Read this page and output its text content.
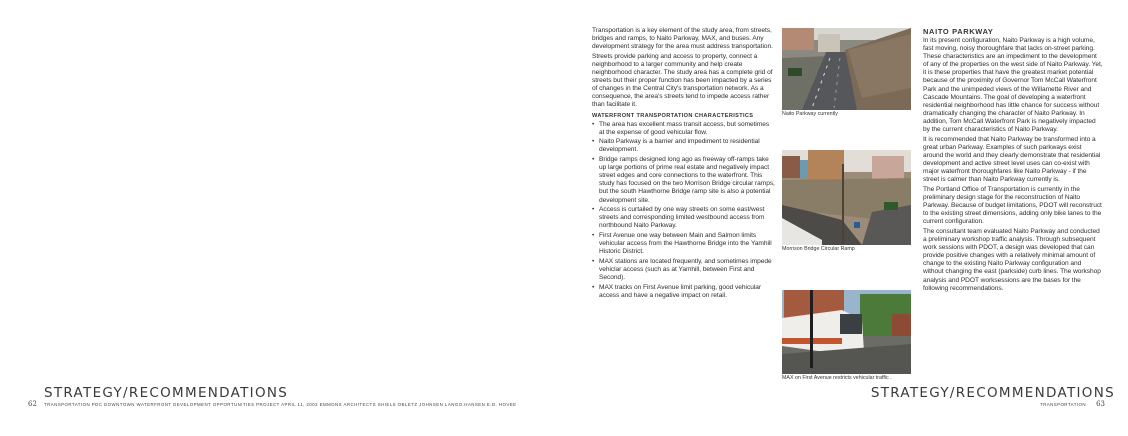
STRATEGY/RECOMMENDATIONS
62 TRANSPORTATION PDC DOWNTOWN WATERFRONT DEVELOPMENT OPPORTUNITIES PROJECT APRIL 11, 2003 EMMONS ARCHITECTS SHIELS OBLETZ JOHNSEN LANGO.HANSEN E.D. HOVEE

Transportation is a key element of the study area, from streets, bridges and ramps, to Naito Parkway, MAX, and buses. Any development strategy for the area must address transportation.

Streets provide parking and access to property, connect a neighborhood to a larger community and help create neighborhood character. The study area has a complete grid of streets but their proper function has been impacted by a series of changes in the Central City's transportation network. As a consequence, the area's streets tend to impede access rather than facilitate it.

WATERFRONT TRANSPORTATION CHARACTERISTICS
• The area has excellent mass transit access, but sometimes at the expense of good vehicular flow.
• Naito Parkway is a barrier and impediment to residential development.
• Bridge ramps designed long ago as freeway off-ramps take up large portions of prime real estate and negatively impact street edges and core connections to the waterfront. This study has focused on the two Morrison Bridge circular ramps, but the south Hawthorne Bridge ramp site is also a potential development site.
• Access is curtailed by one way streets on some east/west streets and corresponding limited westbound access from northbound Naito Parkway.
• First Avenue one way between Main and Salmon limits vehicular access from the Hawthorne Bridge into the Yamhill Historic District.
• MAX stations are located frequently, and sometimes impede vehiclar access (such as at Yamhill, between First and Second).
• MAX tracks on First Avenue limit parking, good vehicular access and have a negative impact on retail.
Naito Parkway currently
Morrison Bridge Circular Ramp
MAX on First Avenue restricts vehicular traffic .
NAITO PARKWAY

In its present configuration, Naito Parkway is a high volume, fast moving, noisy thoroughfare that lacks on-street parking. These characteristics are an impediment to the development of any of the properties on the west side of Naito Parkway. Yet, it is these properties that have the greatest market potential because of the proximity of Governor Tom McCall Waterfront Park and the unimpeded views of the Willamette River and Cascade Mountains. The goal of developing a waterfront residential neighborhood has little chance for success without dramatically changing the character of Naito Parkway. In addition, Tom McCall Waterfront Park is negatively impacted by the current characteristics of Naito Parkway.

It is recommended that Naito Parkway be transformed into a great urban Parkway. Examples of such parkways exist around the world and they clearly demonstrate that residential development and active street level uses can co-exist with major waterfront thoroughfares like Naito Parkway - if the street is calmer than Naito Parkway currently is.

The Portland Office of Transportation is currently in the preliminary design stage for the reconstruction of Naito Parkway. Because of budget limitations, PDOT will reconstruct to the existing street dimensions, adding only bike lanes to the current configuration.

The consultant team evaluated Naito Parkway and conducted a preliminary workshop traffic analysis. Through subsequent work sessions with PDOT, a design was developed that can provide positive changes with a relatively minimal amount of change to the existing Naito Parkway configuration and without changing the east (parkside) curb lines. The workshop analysis and PDOT worksessions are the bases for the following recommendations.

STRATEGY/RECOMMENDATIONS
TRANSPORTATION 63
